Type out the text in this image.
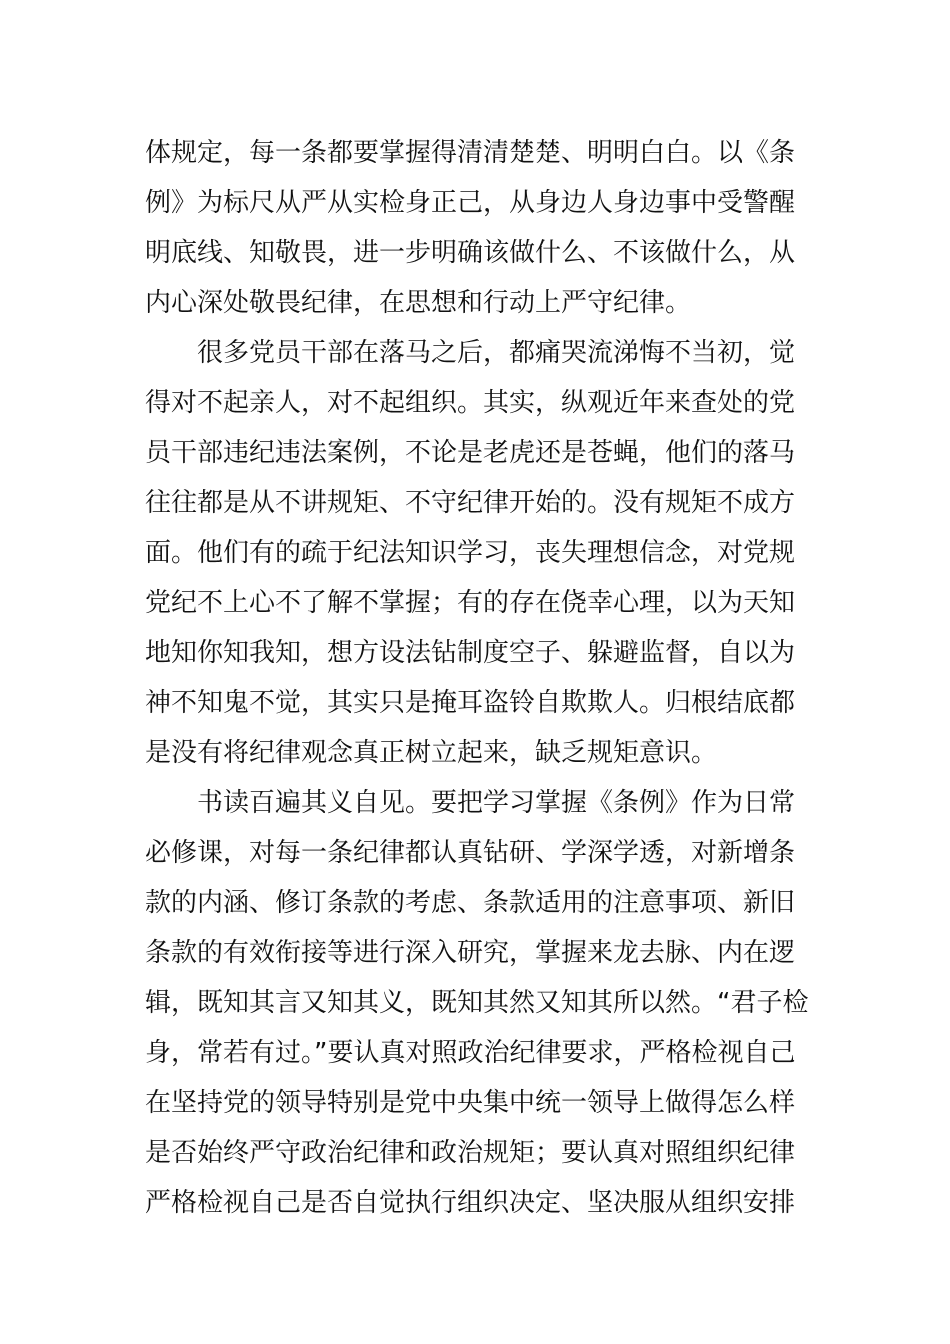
体规定，每一条都要掌握得清清楚楚、明明白白。以《条
例》为标尺从严从实检身正己，从身边人身边事中受警醒
明底线、知敬畏，进一步明确该做什么、不该做什么，从
内心深处敬畏纪律，在思想和行动上严守纪律。
很多党员干部在落马之后，都痛哭流涕悔不当初，觉
得对不起亲人，对不起组织。其实，纵观近年来查处的党
员干部违纪违法案例，不论是老虎还是苍蝇，他们的落马
往往都是从不讲规矩、不守纪律开始的。没有规矩不成方
面。他们有的疏于纪法知识学习，丧失理想信念，对党规
党纪不上心不了解不掌握；有的存在侥幸心理，以为天知
地知你知我知，想方设法钻制度空子、躲避监督，自以为
神不知鬼不觉，其实只是掩耳盗铃自欺欺人。归根结底都
是没有将纪律观念真正树立起来，缺乏规矩意识。
书读百遍其义自见。要把学习掌握《条例》作为日常
必修课，对每一条纪律都认真钻研、学深学透，对新增条
款的内涵、修订条款的考虑、条款适用的注意事项、新旧
条款的有效衔接等进行深入研究，掌握来龙去脉、内在逻
辑，既知其言又知其义，既知其然又知其所以然。“君子检
身，常若有过。”要认真对照政治纪律要求，严格检视自己
在坚持党的领导特别是党中央集中统一领导上做得怎么样
是否始终严守政治纪律和政治规矩；要认真对照组织纪律
严格检视自己是否自觉执行组织决定、坚决服从组织安排
